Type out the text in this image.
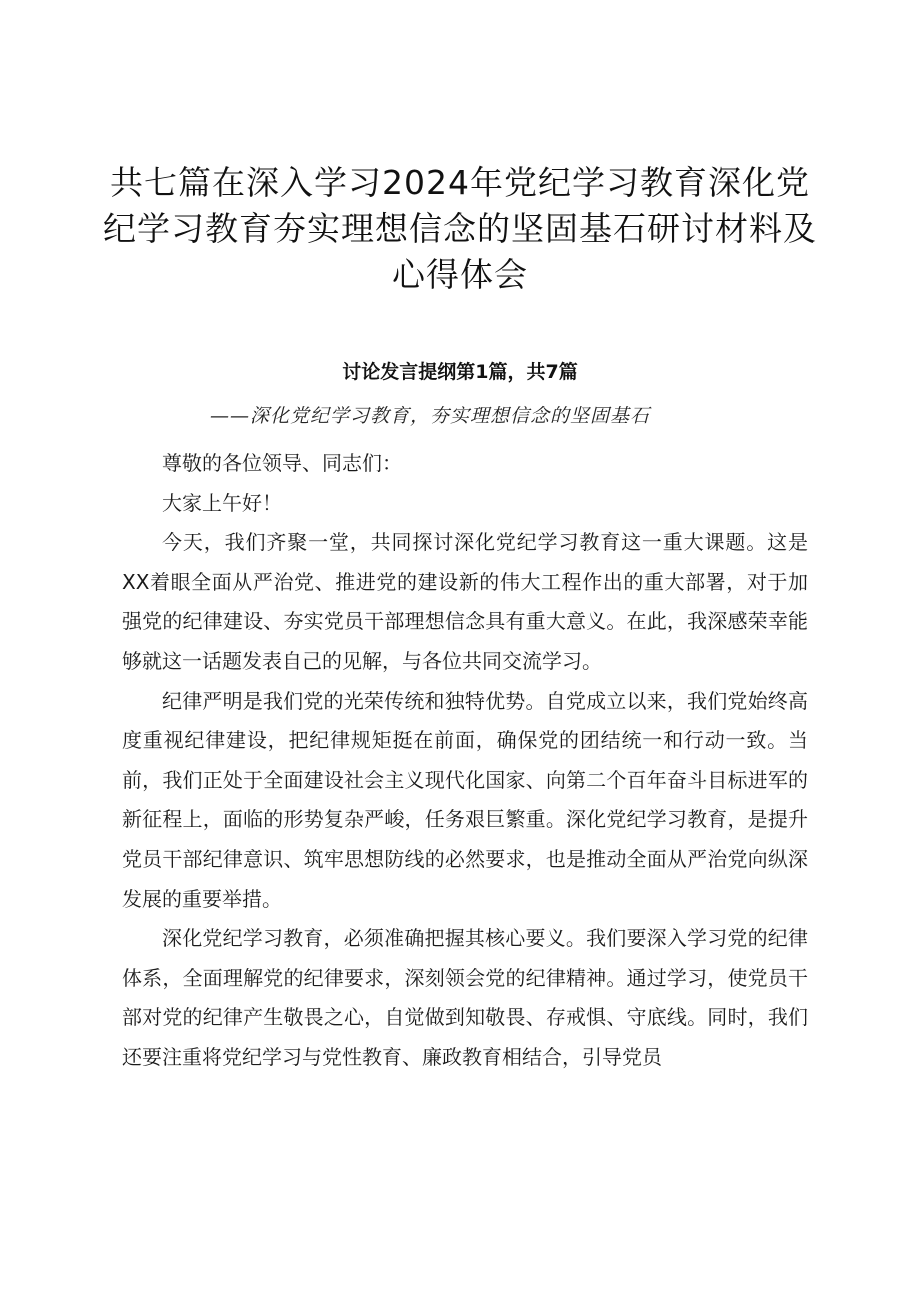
共七篇在深入学习2024年党纪学习教育深化党纪学习教育夯实理想信念的坚固基石研讨材料及心得体会
讨论发言提纲第1篇，共7篇
——深化党纪学习教育，夯实理想信念的坚固基石

尊敬的各位领导、同志们：

大家上午好！

今天，我们齐聚一堂，共同探讨深化党纪学习教育这一重大课题。这是XX着眼全面从严治党、推进党的建设新的伟大工程作出的重大部署，对于加强党的纪律建设、夯实党员干部理想信念具有重大意义。在此，我深感荣幸能够就这一话题发表自己的见解，与各位共同交流学习。

纪律严明是我们党的光荣传统和独特优势。自党成立以来，我们党始终高度重视纪律建设，把纪律规矩挺在前面，确保党的团结统一和行动一致。当前，我们正处于全面建设社会主义现代化国家、向第二个百年奋斗目标进军的新征程上，面临的形势复杂严峻，任务艰巨繁重。深化党纪学习教育，是提升党员干部纪律意识、筑牢思想防线的必然要求，也是推动全面从严治党向纵深发展的重要举措。

深化党纪学习教育，必须准确把握其核心要义。我们要深入学习党的纪律体系，全面理解党的纪律要求，深刻领会党的纪律精神。通过学习，使党员干部对党的纪律产生敬畏之心，自觉做到知敬畏、存戒惧、守底线。同时，我们还要注重将党纪学习与党性教育、廉政教育相结合，引导党员
